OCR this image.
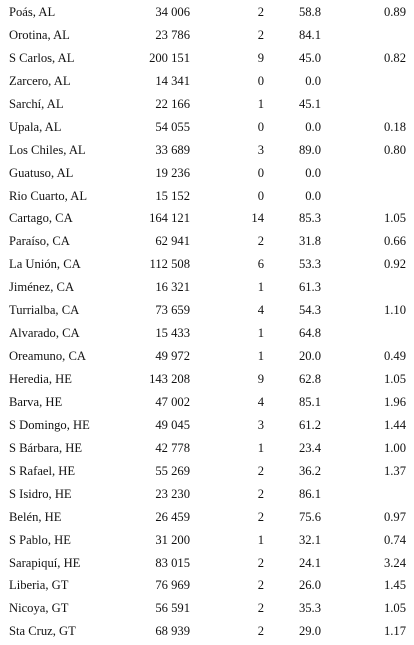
Poás, AL	34 006	2	58.8	0.89
Orotina, AL	23 786	2	84.1
S Carlos, AL	200 151	9	45.0	0.82
Zarcero, AL	14 341	0	0.0
Sarchí, AL	22 166	1	45.1
Upala, AL	54 055	0	0.0	0.18
Los Chiles, AL	33 689	3	89.0	0.80
Guatuso, AL	19 236	0	0.0
Rio Cuarto, AL	15 152	0	0.0
Cartago, CA	164 121	14	85.3	1.05
Paraíso, CA	62 941	2	31.8	0.66
La Unión, CA	112 508	6	53.3	0.92
Jiménez, CA	16 321	1	61.3
Turrialba, CA	73 659	4	54.3	1.10
Alvarado, CA	15 433	1	64.8
Oreamuno, CA	49 972	1	20.0	0.49
Heredia, HE	143 208	9	62.8	1.05
Barva, HE	47 002	4	85.1	1.96
S Domingo, HE	49 045	3	61.2	1.44
S Bárbara, HE	42 778	1	23.4	1.00
S Rafael, HE	55 269	2	36.2	1.37
S Isidro, HE	23 230	2	86.1
Belén, HE	26 459	2	75.6	0.97
S Pablo, HE	31 200	1	32.1	0.74
Sarapiquí, HE	83 015	2	24.1	3.24
Liberia, GT	76 969	2	26.0	1.45
Nicoya, GT	56 591	2	35.3	1.05
Sta Cruz, GT	68 939	2	29.0	1.17
